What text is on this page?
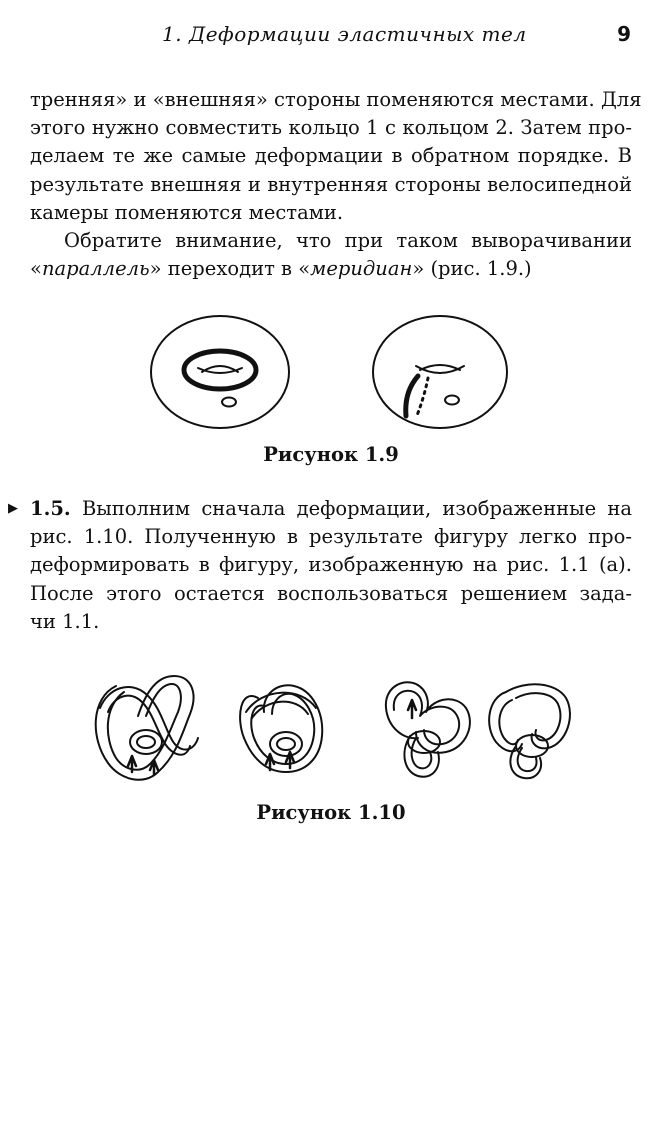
1. Деформации эластичных тел	9
тренняя» и «внешняя» стороны поменяются местами. Для
этого нужно совместить кольцо 1 с кольцом 2. Затем про-
делаем те же самые деформации в обратном порядке. В
результате внешняя и внутренняя стороны велосипедной
камеры поменяются местами.
Обратите внимание, что при таком выворачивании
«параллель» переходит в «меридиан» (рис. 1.9.)
Рисунок 1.9
▶ 1.5. Выполним сначала деформации, изображенные на
рис. 1.10. Полученную в результате фигуру легко про-
деформировать в фигуру, изображенную на рис. 1.1 (а).
После этого остается воспользоваться решением зада-
чи 1.1.
Рисунок 1.10
